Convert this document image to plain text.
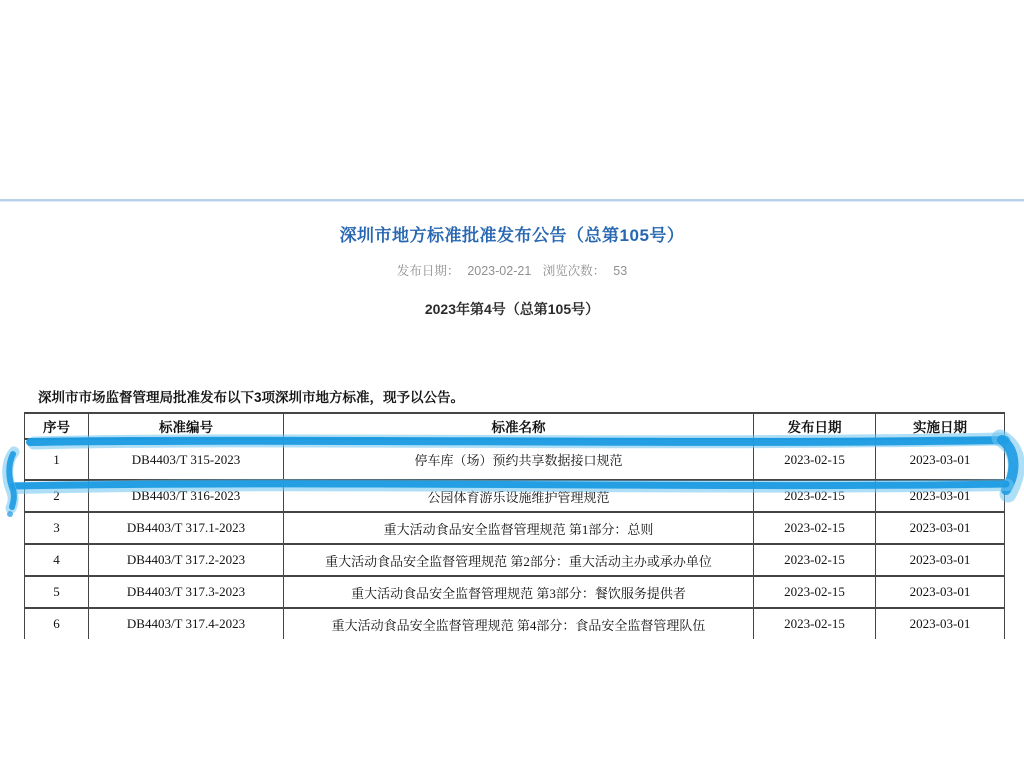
深圳市地方标准批准发布公告（总第105号）
发布日期： 2023-02-21 浏览次数： 53
2023年第4号（总第105号）
深圳市市场监督管理局批准发布以下3项深圳市地方标准，现予以公告。
序号	标准编号	标准名称	发布日期	实施日期
1	DB4403/T 315-2023	停车库（场）预约共享数据接口规范	2023-02-15	2023-03-01
2	DB4403/T 316-2023	公园体育游乐设施维护管理规范	2023-02-15	2023-03-01
3	DB4403/T 317.1-2023	重大活动食品安全监督管理规范 第1部分：总则	2023-02-15	2023-03-01
4	DB4403/T 317.2-2023	重大活动食品安全监督管理规范 第2部分：重大活动主办或承办单位	2023-02-15	2023-03-01
5	DB4403/T 317.3-2023	重大活动食品安全监督管理规范 第3部分：餐饮服务提供者	2023-02-15	2023-03-01
6	DB4403/T 317.4-2023	重大活动食品安全监督管理规范 第4部分：食品安全监督管理队伍	2023-02-15	2023-03-01
